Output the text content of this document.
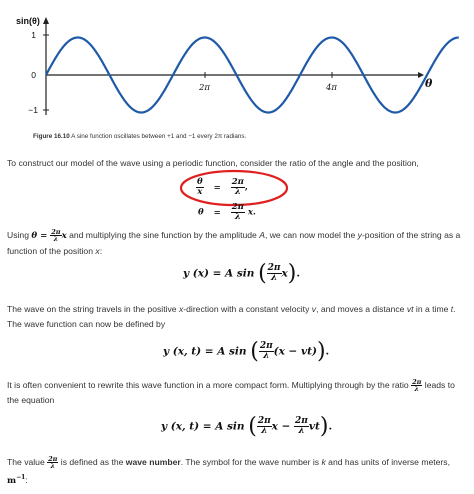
sin(θ)
1
0
−1
2π	4π	θ
Figure 16.10 A sine function oscillates between +1 and −1 every 2π radians.
To construct our model of the wave using a periodic function, consider the ratio of the angle and the position,
$\frac{\theta}{x} = \frac{2\pi}{\lambda}$ ,
$\theta = \frac{2\pi}{\lambda} x$.
Using $\theta = \frac{2\pi}{\lambda}$ x and multiplying the sine function by the amplitude A, we can now model the y-position of the string as a function of the position x:
y (x) = A sin ( $\frac{2\pi}{\lambda} x$).
The wave on the string travels in the positive x-direction with a constant velocity v, and moves a distance vt in a time t. The wave function can now be defined by
y (x, t) = A sin ( $\frac{2\pi}{\lambda} (x - vt)$).
It is often convenient to rewrite this wave function in a more compact form. Multiplying through by the ratio $\frac{2\pi}{\lambda}$ leads to the equation
y (x, t) = A sin ( $\frac{2\pi}{\lambda}$ $x - \frac{2\pi}{\lambda} vt$).
The value $\frac{2\pi}{\lambda}$ is defined as the wave number. The symbol for the wave number is k and has units of inverse meters, $m^{-1}$:
